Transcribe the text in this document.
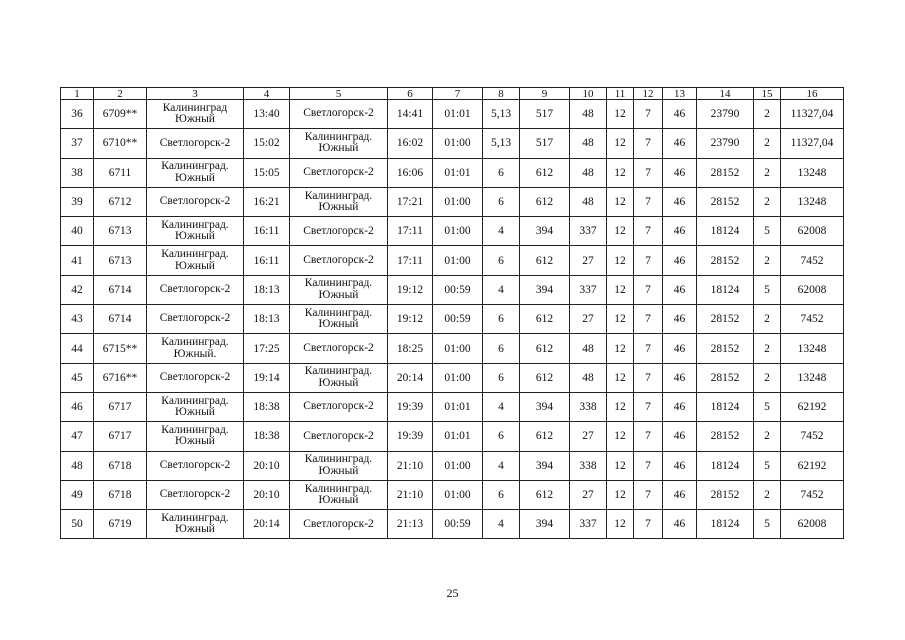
1	2	3	4	5	6	7	8	9	10	11	12	13	14	15	16
36	6709**	Калининград Южный	13:40	Светлогорск-2	14:41	01:01	5,13	517	48	12	7	46	23790	2	11327,04
37	6710**	Светлогорск-2	15:02	Калининград. Южный	16:02	01:00	5,13	517	48	12	7	46	23790	2	11327,04
38	6711	Калининград. Южный	15:05	Светлогорск-2	16:06	01:01	6	612	48	12	7	46	28152	2	13248
39	6712	Светлогорск-2	16:21	Калининград. Южный	17:21	01:00	6	612	48	12	7	46	28152	2	13248
40	6713	Калининград. Южный	16:11	Светлогорск-2	17:11	01:00	4	394	337	12	7	46	18124	5	62008
41	6713	Калининград. Южный	16:11	Светлогорск-2	17:11	01:00	6	612	27	12	7	46	28152	2	7452
42	6714	Светлогорск-2	18:13	Калининград. Южный	19:12	00:59	4	394	337	12	7	46	18124	5	62008
43	6714	Светлогорск-2	18:13	Калининград. Южный	19:12	00:59	6	612	27	12	7	46	28152	2	7452
44	6715**	Калининград. Южный.	17:25	Светлогорск-2	18:25	01:00	6	612	48	12	7	46	28152	2	13248
45	6716**	Светлогорск-2	19:14	Калининград. Южный	20:14	01:00	6	612	48	12	7	46	28152	2	13248
46	6717	Калининград. Южный	18:38	Светлогорск-2	19:39	01:01	4	394	338	12	7	46	18124	5	62192
47	6717	Калининград. Южный	18:38	Светлогорск-2	19:39	01:01	6	612	27	12	7	46	28152	2	7452
48	6718	Светлогорск-2	20:10	Калининград. Южный	21:10	01:00	4	394	338	12	7	46	18124	5	62192
49	6718	Светлогорск-2	20:10	Калининград. Южный	21:10	01:00	6	612	27	12	7	46	28152	2	7452
50	6719	Калининград. Южный	20:14	Светлогорск-2	21:13	00:59	4	394	337	12	7	46	18124	5	62008
25
